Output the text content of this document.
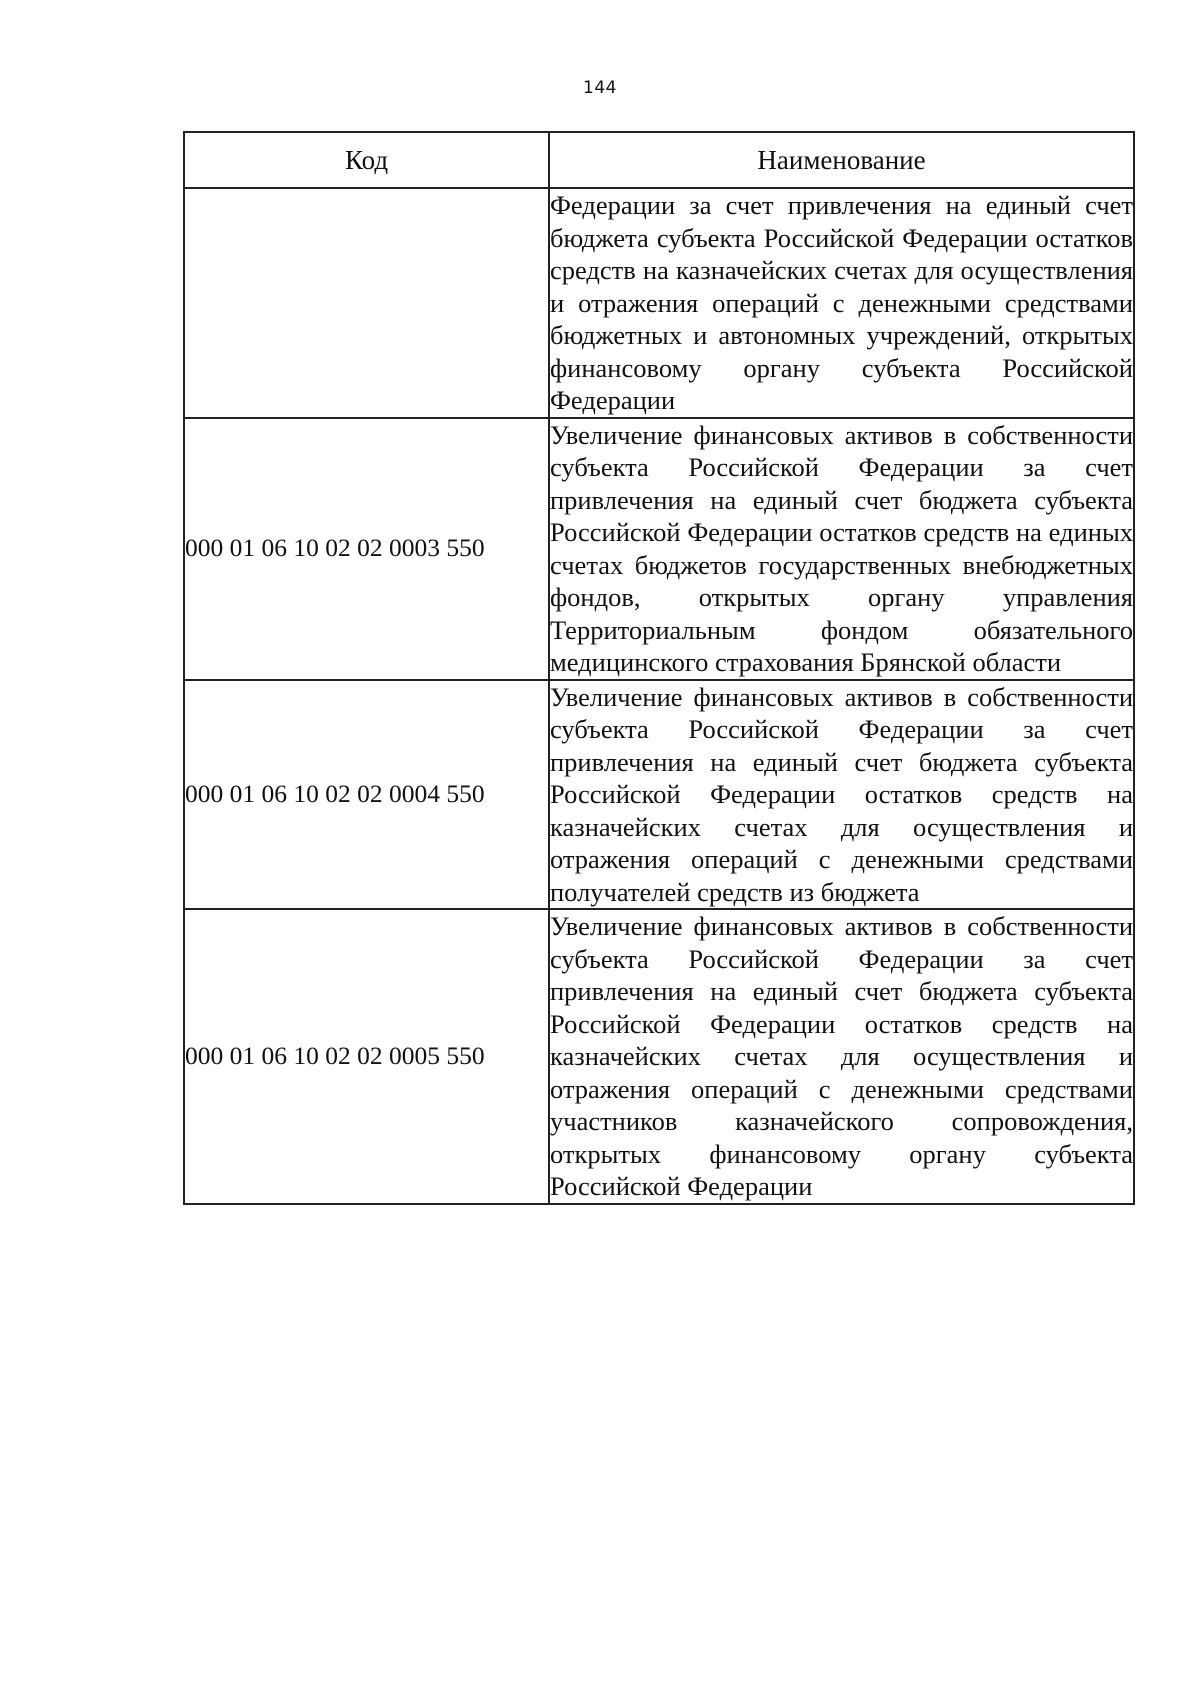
144
Код	Наименование
	Федерации за счет привлечения на единый счет бюджета субъекта Российской Федерации остатков средств на казначейских счетах для осуществления и отражения операций с денежными средствами бюджетных и автономных учреждений, открытых финансовому органу субъекта Российской Федерации
000 01 06 10 02 02 0003 550	Увеличение финансовых активов в собственности субъекта Российской Федерации за счет привлечения на единый счет бюджета субъекта Российской Федерации остатков средств на единых счетах бюджетов государственных внебюджетных фондов, открытых органу управления Территориальным фондом обязательного медицинского страхования Брянской области
000 01 06 10 02 02 0004 550	Увеличение финансовых активов в собственности субъекта Российской Федерации за счет привлечения на единый счет бюджета субъекта Российской Федерации остатков средств на казначейских счетах для осуществления и отражения операций с денежными средствами получателей средств из бюджета
000 01 06 10 02 02 0005 550	Увеличение финансовых активов в собственности субъекта Российской Федерации за счет привлечения на единый счет бюджета субъекта Российской Федерации остатков средств на казначейских счетах для осуществления и отражения операций с денежными средствами участников казначейского сопровождения, открытых финансовому органу субъекта Российской Федерации
